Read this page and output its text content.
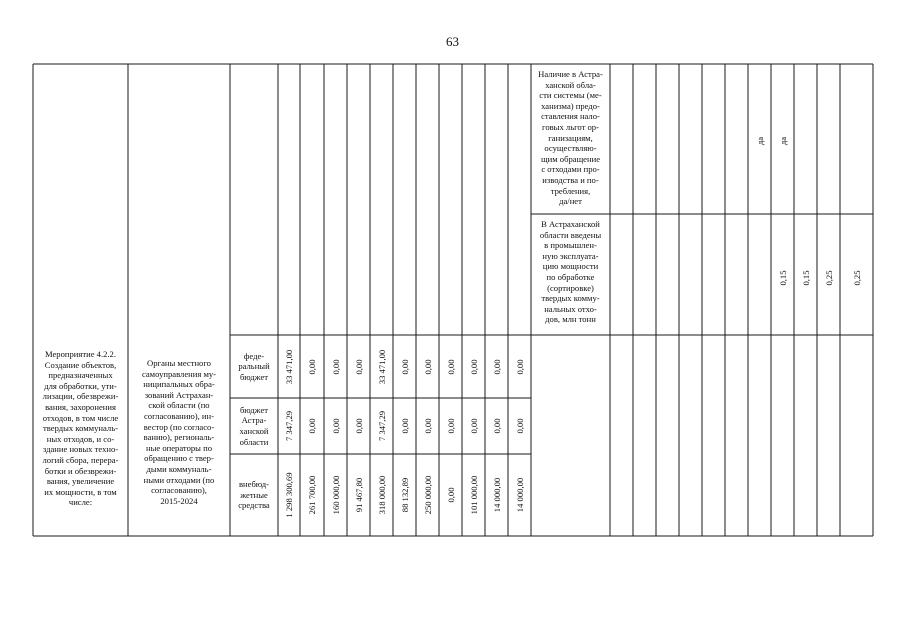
63
Мероприятие 4.2.2.
Создание объектов,
предназначенных
для обработки, ути-
лизации, обезврежи-
вания, захоронения
отходов, в том числе
твердых коммуналь-
ных отходов, и со-
здание новых техно-
логий сбора, перера-
ботки и обезврежи-
вания, увеличение
их мощности, в том
числе:
Органы местного
самоуправления му-
ниципальных обра-
зований Астрахан-
ской области (по
согласованию), ин-
вестор (по согласо-
ванию), региональ-
ные операторы по
обращению с твер-
дыми коммуналь-
ными отходами (по
согласованию),
2015-2024
феде-
ральный
бюджет	33 471,00 0,00 0,00 0,00 33 471,00 0,00 0,00 0,00 0,00 0,00 0,00
бюджет
Астра-
ханской
области
7 347,29 0,00 0,00 0,00 7 347,29 0,00 0,00 0,00 0,00 0,00 0,00
внебюд-
жетные
средства	1 298 300,69 261 700,00 160 000,00 91 467,80 318 000,00 88 132,89 250 000,00 0,00 101 000,00 14 000,00 14 000,00
Наличие в Астра-
ханской обла-
сти системы (ме-
ханизма) предо-
ставления нало-
говых льгот ор-
ганизациям,
осуществляю-
щим обращение
с отходами про-
изводства и по-
требления,
да/нет
В Астраханской
области введены
в промышлен-
ную эксплуата-
цию мощности
по обработке
(сортировке)
твердых комму-
нальных отхо-
дов, млн тонн
да да
0,15 0,15 0,25 0,25
